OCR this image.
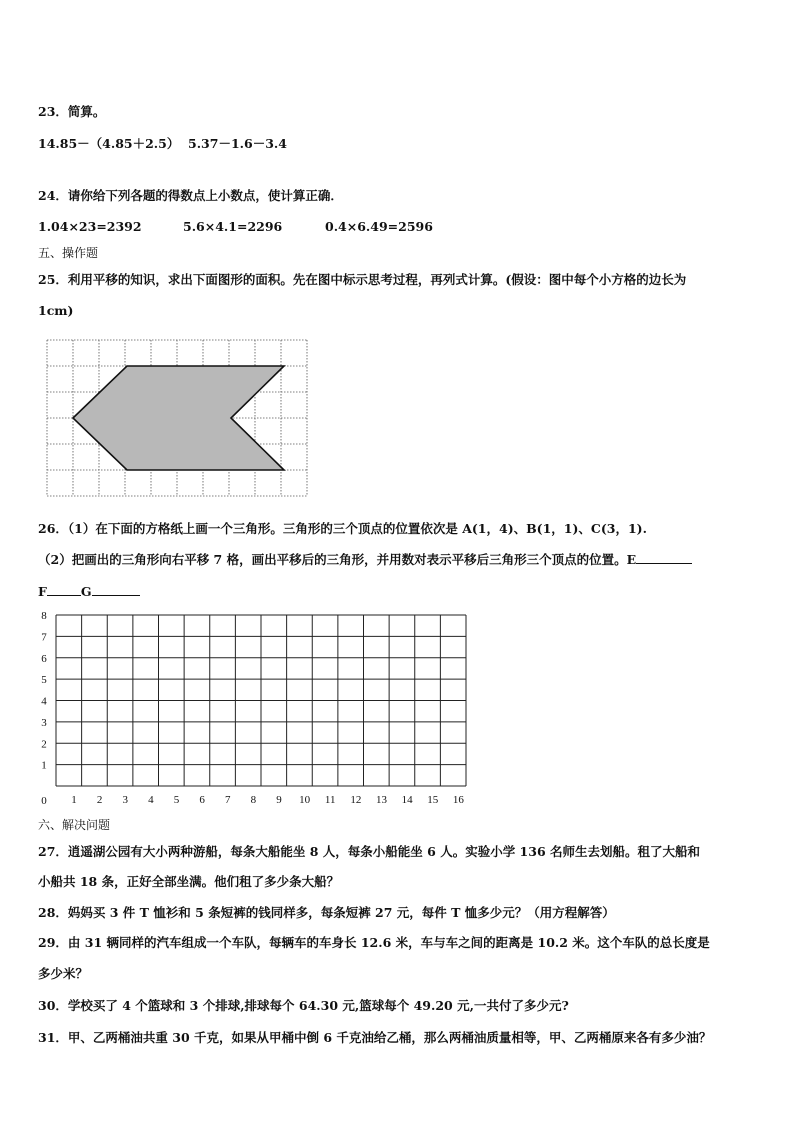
23．简算。
14.85－（4.85＋2.5） 5.37－1.6－3.4
24．请你给下列各题的得数点上小数点，使计算正确．
1.04×23=2392	5.6×4.1=2296	0.4×6.49=2596
五、操作题
25．利用平移的知识，求出下面图形的面积。先在图中标示思考过程，再列式计算。(假设：图中每个小方格的边长为
1cm)
26．（1）在下面的方格纸上画一个三角形。三角形的三个顶点的位置依次是 A(1，4)、B(1，1)、C(3，1).
（2）把画出的三角形向右平移 7 格，画出平移后的三角形，并用数对表示平移后三角形三个顶点的位置。E
F	G
0
1
2
3
4
5
6
7
8
1 2 3 4 5 6 7 8 9 10 11 12 13 14 15 16
六、解决问题
27．逍遥湖公园有大小两种游船，每条大船能坐 8 人，每条小船能坐 6 人。实验小学 136 名师生去划船。租了大船和
小船共 18 条，正好全部坐满。他们租了多少条大船？
28．妈妈买 3 件 T 恤衫和 5 条短裤的钱同样多，每条短裤 27 元，每件 T 恤多少元？（用方程解答）
29．由 31 辆同样的汽车组成一个车队，每辆车的车身长 12.6 米，车与车之间的距离是 10.2 米。这个车队的总长度是
多少米？
30．学校买了 4 个篮球和 3 个排球,排球每个 64.30 元,篮球每个 49.20 元,一共付了多少元?
31．甲、乙两桶油共重 30 千克，如果从甲桶中倒 6 千克油给乙桶，那么两桶油质量相等，甲、乙两桶原来各有多少油？
